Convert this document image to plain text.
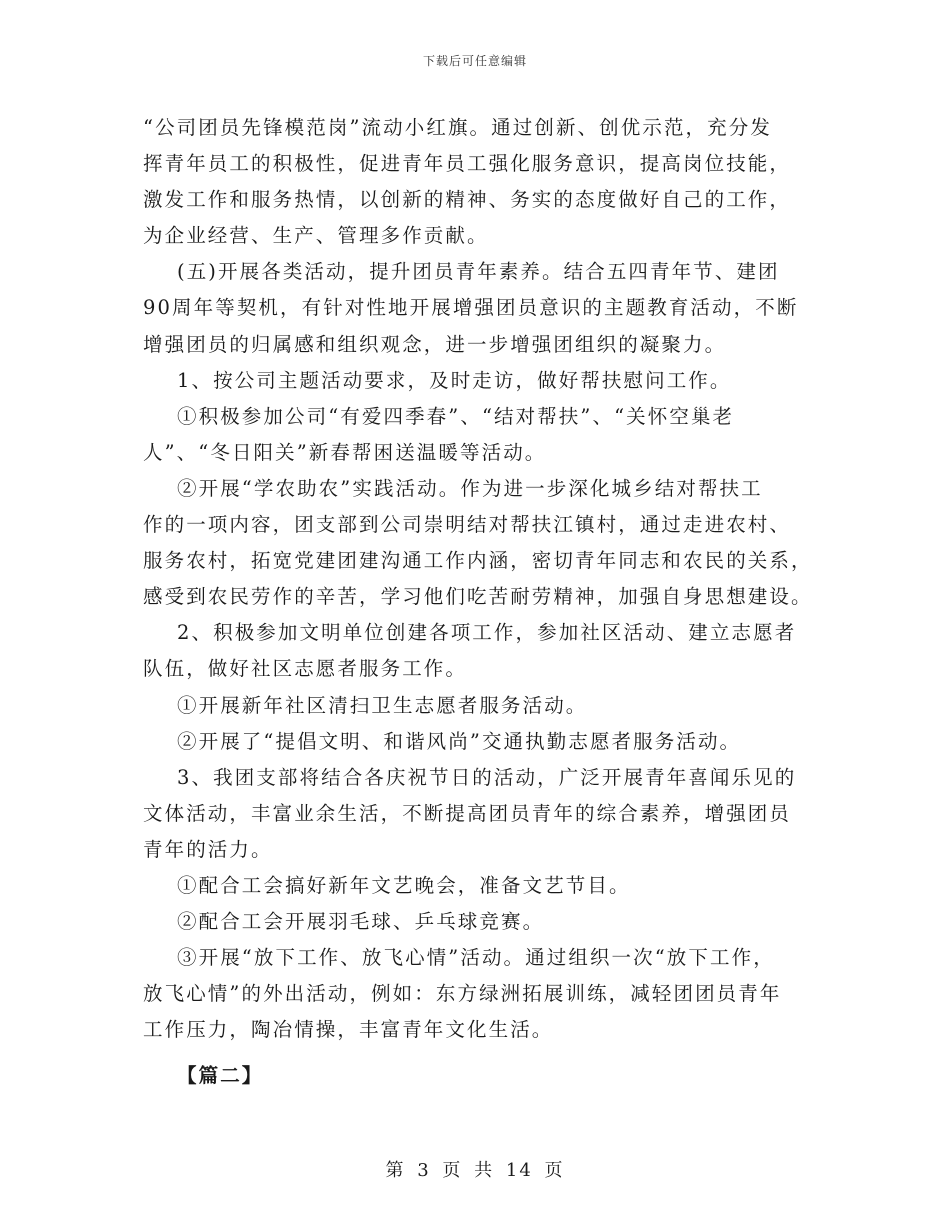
下载后可任意编辑
“公司团员先锋模范岗”流动小红旗。通过创新、创优示范，充分发
挥青年员工的积极性，促进青年员工强化服务意识，提高岗位技能，
激发工作和服务热情，以创新的精神、务实的态度做好自己的工作，
为企业经营、生产、管理多作贡献。
(五)开展各类活动，提升团员青年素养。结合五四青年节、建团
90周年等契机，有针对性地开展增强团员意识的主题教育活动，不断
增强团员的归属感和组织观念，进一步增强团组织的凝聚力。
1、按公司主题活动要求，及时走访，做好帮扶慰问工作。
①积极参加公司“有爱四季春”、“结对帮扶”、“关怀空巢老
人”、“冬日阳关”新春帮困送温暖等活动。
②开展“学农助农”实践活动。作为进一步深化城乡结对帮扶工
作的一项内容，团支部到公司崇明结对帮扶江镇村，通过走进农村、
服务农村，拓宽党建团建沟通工作内涵，密切青年同志和农民的关系，
感受到农民劳作的辛苦，学习他们吃苦耐劳精神，加强自身思想建设。
2、积极参加文明单位创建各项工作，参加社区活动、建立志愿者
队伍，做好社区志愿者服务工作。
①开展新年社区清扫卫生志愿者服务活动。
②开展了“提倡文明、和谐风尚”交通执勤志愿者服务活动。
3、我团支部将结合各庆祝节日的活动，广泛开展青年喜闻乐见的
文体活动，丰富业余生活，不断提高团员青年的综合素养，增强团员
青年的活力。
①配合工会搞好新年文艺晚会，准备文艺节目。
②配合工会开展羽毛球、乒乓球竞赛。
③开展“放下工作、放飞心情”活动。通过组织一次“放下工作，
放飞心情”的外出活动，例如：东方绿洲拓展训练，减轻团团员青年
工作压力，陶冶情操，丰富青年文化生活。
【篇二】
第 3 页 共 14 页
